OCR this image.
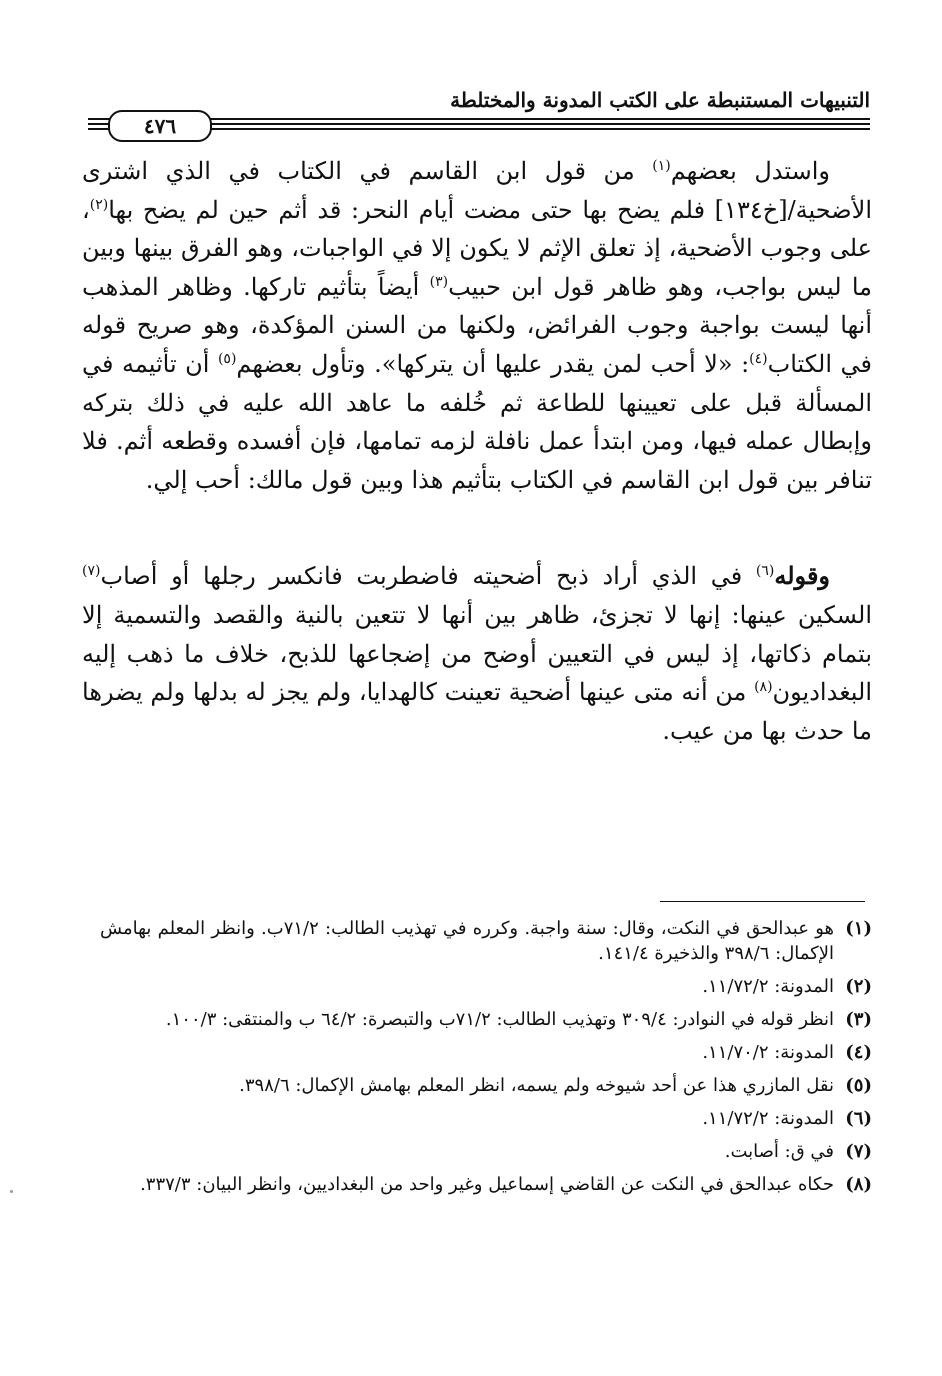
التنبيهات المستنبطة على الكتب المدونة والمختلطة
٤٧٦

واستدل بعضهم$^{(١)}$ من قول ابن القاسم في الكتاب في الذي اشترى الأضحية/[خ١٣٤] فلم يضح بها حتى مضت أيام النحر: قد أثم حين لم يضح بها$^{(٢)}$، على وجوب الأضحية، إذ تعلق الإثم لا يكون إلا في الواجبات، وهو الفرق بينها وبين ما ليس بواجب، وهو ظاهر قول ابن حبيب$^{(٣)}$ أيضاً بتأثيم تاركها. وظاهر المذهب أنها ليست بواجبة وجوب الفرائض، ولكنها من السنن المؤكدة، وهو صريح قوله في الكتاب$^{(٤)}$: «لا أحب لمن يقدر عليها أن يتركها». وتأول بعضهم$^{(٥)}$ أن تأثيمه في المسألة قبل على تعيينها للطاعة ثم خُلفه ما عاهد الله عليه في ذلك بتركه وإبطال عمله فيها، ومن ابتدأ عمل نافلة لزمه تمامها، فإن أفسده وقطعه أثم. فلا تنافر بين قول ابن القاسم في الكتاب بتأثيم هذا وبين قول مالك: أحب إلي.

وقوله$^{(٦)}$ في الذي أراد ذبح أضحيته فاضطربت فانكسر رجلها أو أصاب$^{(٧)}$ السكين عينها: إنها لا تجزئ، ظاهر بين أنها لا تتعين بالنية والقصد والتسمية إلا بتمام ذكاتها، إذ ليس في التعيين أوضح من إضجاعها للذبح، خلاف ما ذهب إليه البغداديون$^{(٨)}$ من أنه متى عينها أضحية تعينت كالهدايا، ولم يجز له بدلها ولم يضرها ما حدث بها من عيب.

(١)
هو عبدالحق في النكت، وقال: سنة واجبة. وكرره في تهذيب الطالب: ٧١/٢ب. وانظر المعلم بهامش الإكمال: ٣٩٨/٦ والذخيرة ١٤١/٤.
(٢)
المدونة: ١١/٧٢/٢.
(٣)
انظر قوله في النوادر: ٣٠٩/٤ وتهذيب الطالب: ٧١/٢ب والتبصرة: ٦٤/٢ ب والمنتقى: ١٠٠/٣.
(٤)
المدونة: ١١/٧٠/٢.
(٥)
نقل المازري هذا عن أحد شيوخه ولم يسمه، انظر المعلم بهامش الإكمال: ٣٩٨/٦.
(٦)
المدونة: ١١/٧٢/٢.
(٧)
في ق: أصابت.
(٨)
حكاه عبدالحق في النكت عن القاضي إسماعيل وغير واحد من البغداديين، وانظر البيان: ٣٣٧/٣.
